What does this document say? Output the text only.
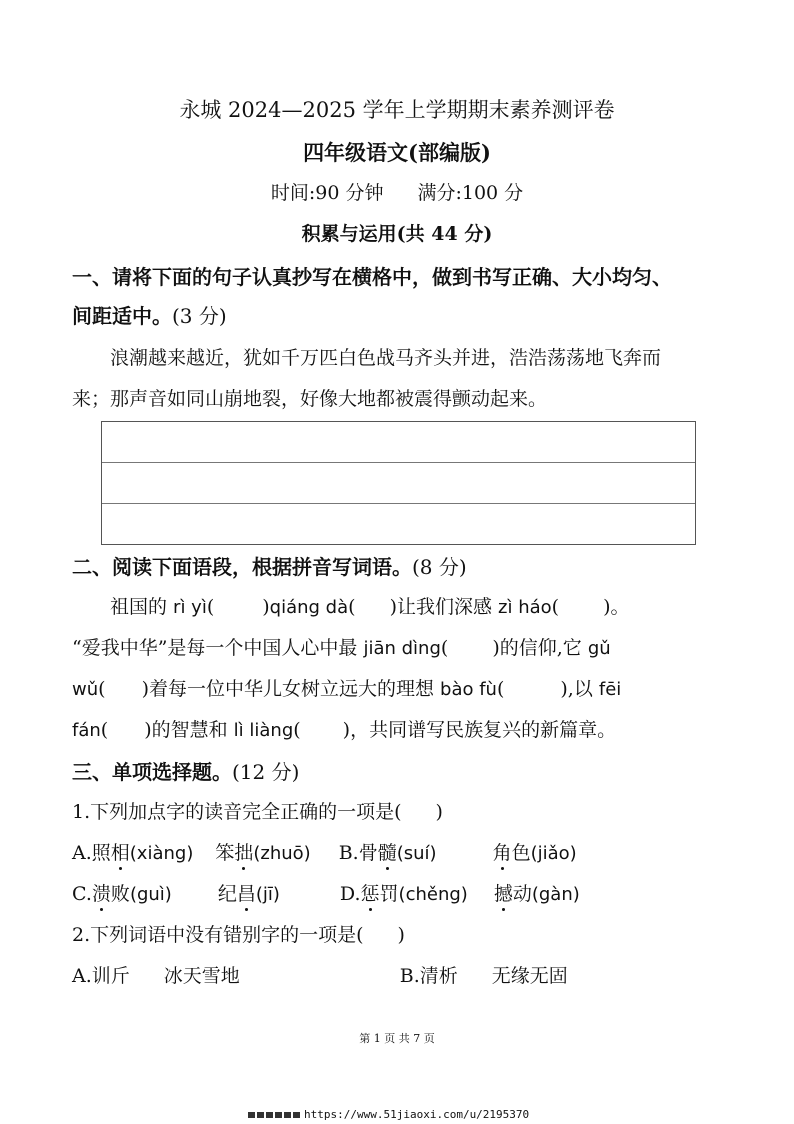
永城 2024—2025 学年上学期期末素养测评卷
四年级语文(部编版)
时间:90 分钟 满分:100 分
积累与运用(共 44 分)
一、请将下面的句子认真抄写在横格中，做到书写正确、大小均匀、
间距适中。(3 分)
浪潮越来越近，犹如千万匹白色战马齐头并进，浩浩荡荡地飞奔而
来；那声音如同山崩地裂，好像大地都被震得颤动起来。
二、阅读下面语段，根据拼音写词语。(8 分)
祖国的 rì yì(	)qiáng dà( )让我们深感 zì háo( )。
“爱我中华”是每一个中国人心中最 jiān dìng( )的信仰,它 gǔ
wǔ( )着每一位中华儿女树立远大的理想 bào fù(	),以 fēi
fán( )的智慧和 lì liàng( )，共同谱写民族复兴的新篇章。
三、单项选择题。(12 分)
1.下列加点字的读音完全正确的一项是( )
A.照相(xiàng) 笨拙(zhuō) B.骨髓(suí)	角色(jiǎo)
C.溃败(guì) 纪昌(jī)	D.惩罚(chěng) 撼动(gàn)
2.下列词语中没有错别字的一项是( )
A.训斤 冰天雪地	B.清析 无缘无固
第 1 页 共 7 页
https://www.51jiaoxi.com/u/2195370
